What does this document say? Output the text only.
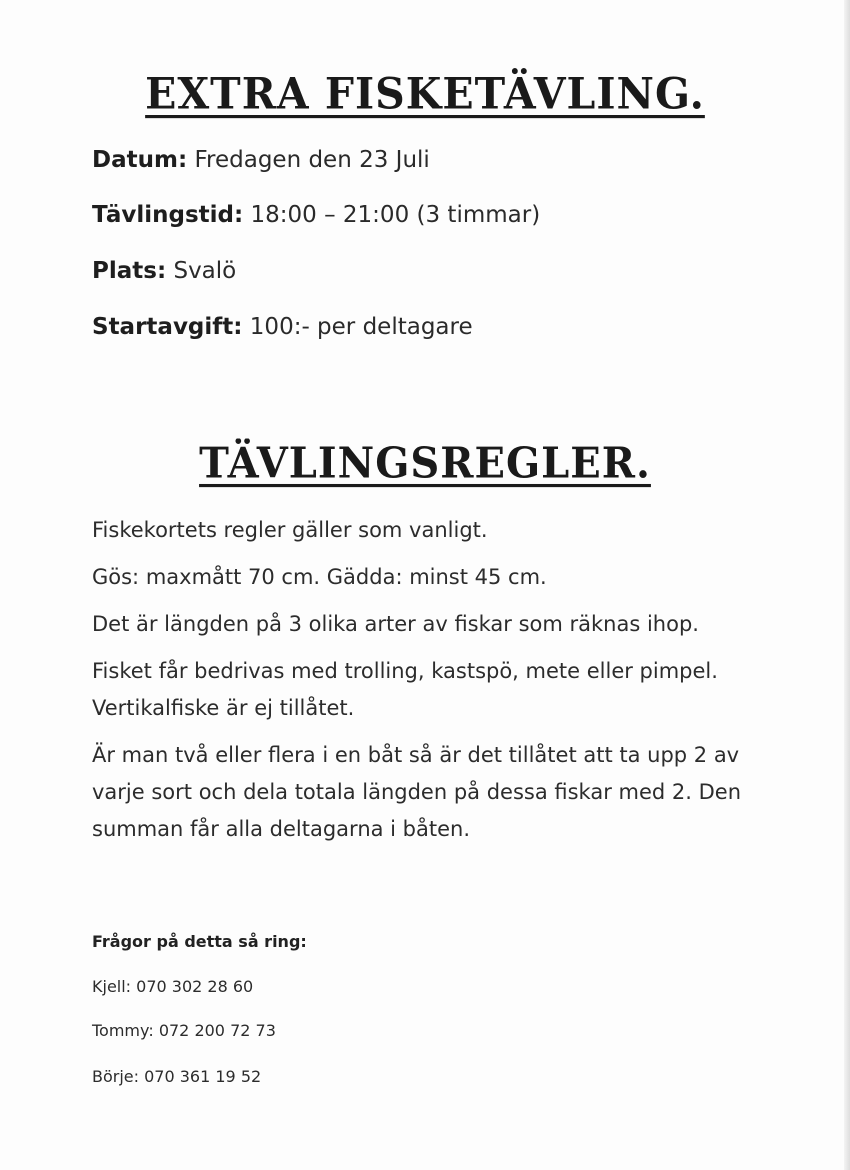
EXTRA FISKETÄVLING.

Datum: Fredagen den 23 Juli

Tävlingstid: 18:00 – 21:00 (3 timmar)

Plats: Svalö

Startavgift: 100:- per deltagare

TÄVLINGSREGLER.

Fiskekortets regler gäller som vanligt.

Gös: maxmått 70 cm. Gädda: minst 45 cm.

Det är längden på 3 olika arter av fiskar som räknas ihop.

Fisket får bedrivas med trolling, kastspö, mete eller pimpel. Vertikalfiske är ej tillåtet.

Är man två eller flera i en båt så är det tillåtet att ta upp 2 av varje sort och dela totala längden på dessa fiskar med 2. Den summan får alla deltagarna i båten.

Frågor på detta så ring:

Kjell: 070 302 28 60

Tommy: 072 200 72 73

Börje: 070 361 19 52
